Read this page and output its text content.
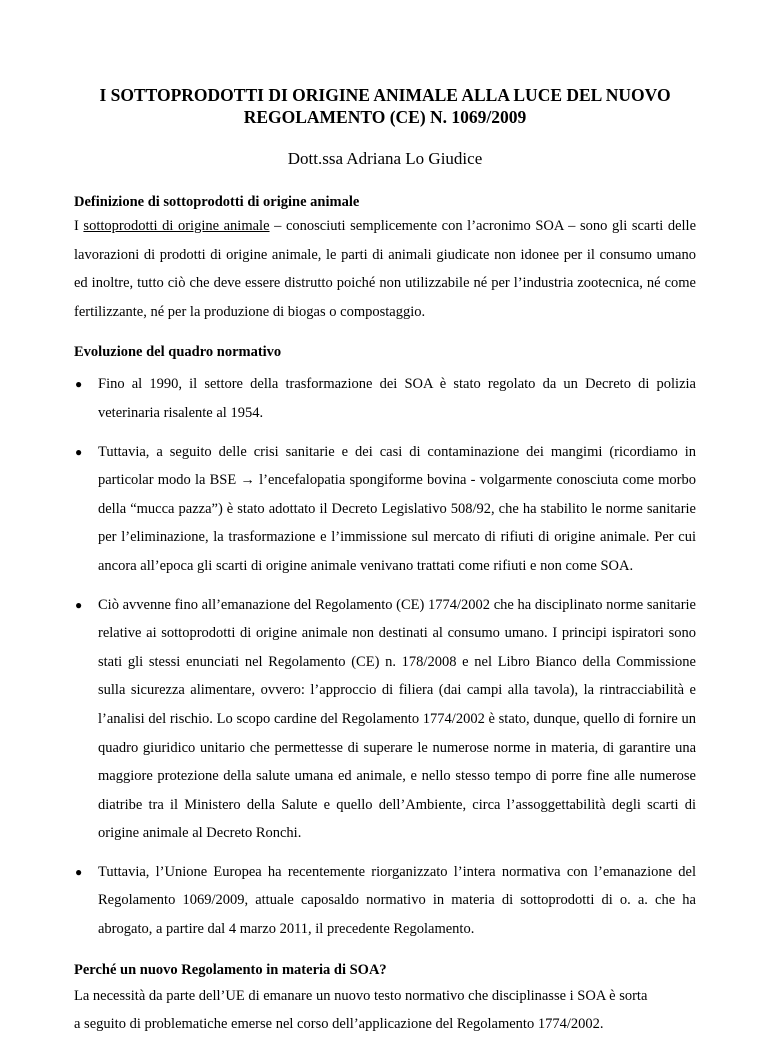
I SOTTOPRODOTTI DI ORIGINE ANIMALE ALLA LUCE DEL NUOVO
REGOLAMENTO (CE) N. 1069/2009

Dott.ssa Adriana Lo Giudice

Definizione di sottoprodotti di origine animale

I sottoprodotti di origine animale – conosciuti semplicemente con l’acronimo SOA – sono gli scarti delle lavorazioni di prodotti di origine animale, le parti di animali giudicate non idonee per il consumo umano ed inoltre, tutto ciò che deve essere distrutto poiché non utilizzabile né per l’industria zootecnica, né come fertilizzante, né per la produzione di biogas o compostaggio.

Evoluzione del quadro normativo
● Fino al 1990, il settore della trasformazione dei SOA è stato regolato da un Decreto di polizia veterinaria risalente al 1954.
● Tuttavia, a seguito delle crisi sanitarie e dei casi di contaminazione dei mangimi (ricordiamo in particolar modo la BSE → l’encefalopatia spongiforme bovina - volgarmente conosciuta come morbo della “mucca pazza”) è stato adottato il Decreto Legislativo 508/92, che ha stabilito le norme sanitarie per l’eliminazione, la trasformazione e l’immissione sul mercato di rifiuti di origine animale. Per cui ancora all’epoca gli scarti di origine animale venivano trattati come rifiuti e non come SOA.
● Ciò avvenne fino all’emanazione del Regolamento (CE) 1774/2002 che ha disciplinato norme sanitarie relative ai sottoprodotti di origine animale non destinati al consumo umano. I principi ispiratori sono stati gli stessi enunciati nel Regolamento (CE) n. 178/2008 e nel Libro Bianco della Commissione sulla sicurezza alimentare, ovvero: l’approccio di filiera (dai campi alla tavola), la rintracciabilità e l’analisi del rischio. Lo scopo cardine del Regolamento 1774/2002 è stato, dunque, quello di fornire un quadro giuridico unitario che permettesse di superare le numerose norme in materia, di garantire una maggiore protezione della salute umana ed animale, e nello stesso tempo di porre fine alle numerose diatribe tra il Ministero della Salute e quello dell’Ambiente, circa l’assoggettabilità degli scarti di origine animale al Decreto Ronchi.
● Tuttavia, l’Unione Europea ha recentemente riorganizzato l’intera normativa con l’emanazione del Regolamento 1069/2009, attuale caposaldo normativo in materia di sottoprodotti di o. a. che ha abrogato, a partire dal 4 marzo 2011, il precedente Regolamento.
Perché un nuovo Regolamento in materia di SOA?

La necessità da parte dell’UE di emanare un nuovo testo normativo che disciplinasse i SOA è sorta
a seguito di problematiche emerse nel corso dell’applicazione del Regolamento 1774/2002.
